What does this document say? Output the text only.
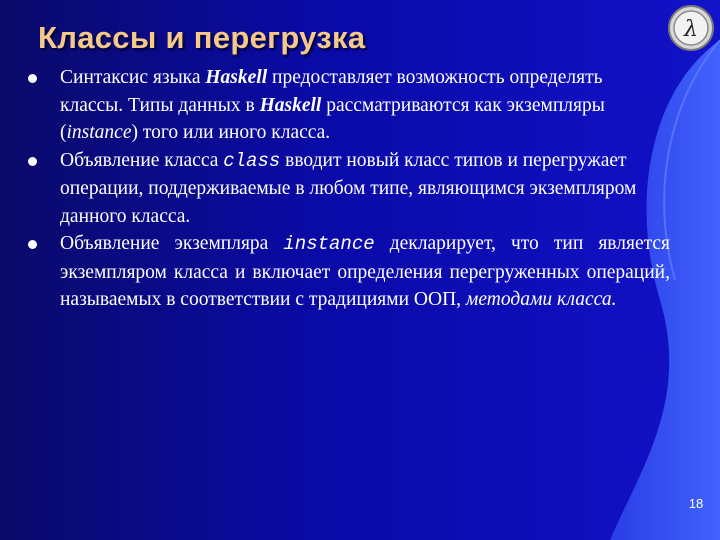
Классы и перегрузка	λ

Синтаксис языка Haskell предоставляет возможность определять классы. Типы данных в Haskell рассматриваются как экземпляры (instance) того или иного класса.

Объявление класса class вводит новый класс типов и перегружает операции, поддерживаемые в любом типе, являющимся экземпляром данного класса.

Объявление экземпляра instance декларирует, что тип является экземпляром класса и включает определения перегруженных операций, называемых в соответствии с традициями ООП, методами класса.

18
